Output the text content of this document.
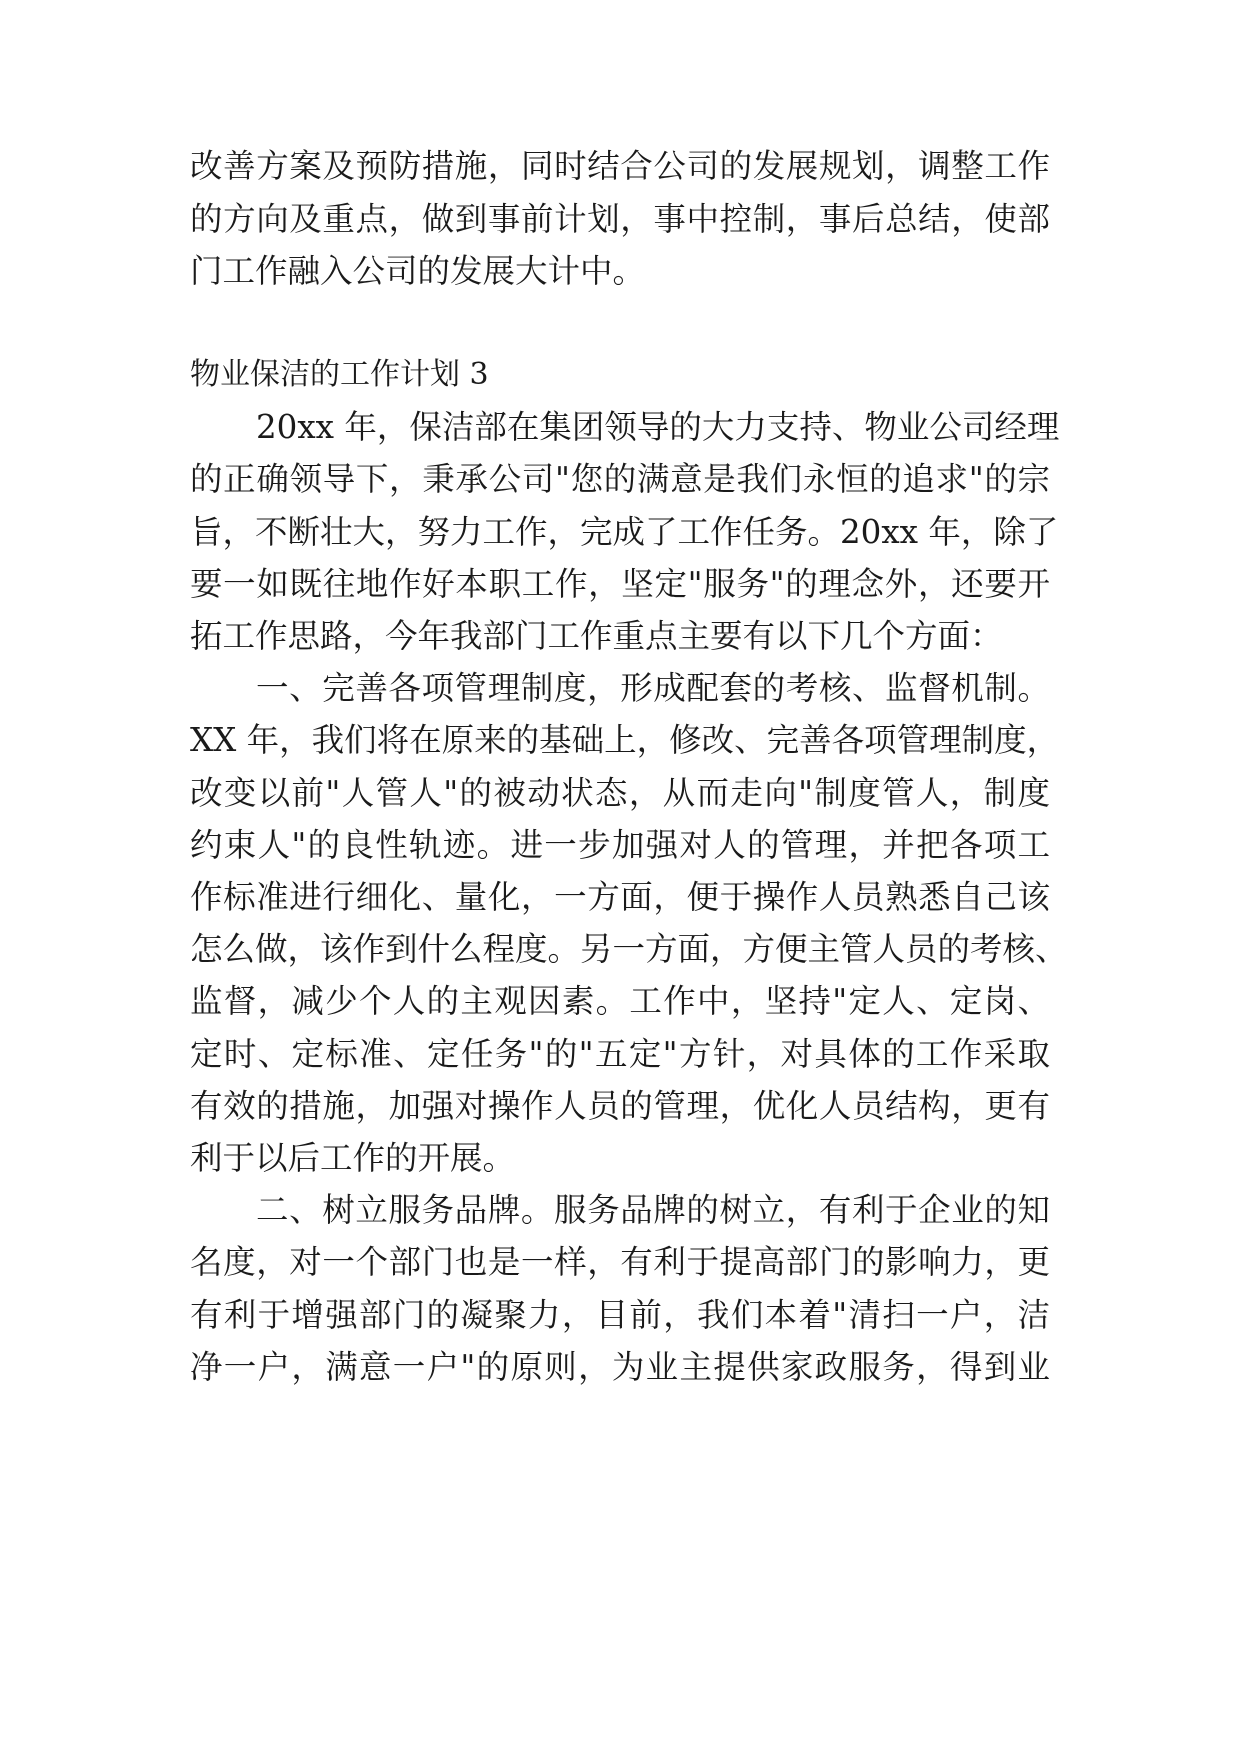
改善方案及预防措施，同时结合公司的发展规划，调整工作
的方向及重点，做到事前计划，事中控制，事后总结，使部
门工作融入公司的发展大计中。
物业保洁的工作计划 3
20xx 年，保洁部在集团领导的大力支持、物业公司经理
的正确领导下，秉承公司"您的满意是我们永恒的追求"的宗
旨，不断壮大，努力工作，完成了工作任务。20xx 年，除了
要一如既往地作好本职工作，坚定"服务"的理念外，还要开
拓工作思路，今年我部门工作重点主要有以下几个方面：
一、完善各项管理制度，形成配套的考核、监督机制。
XX 年，我们将在原来的基础上，修改、完善各项管理制度，
改变以前"人管人"的被动状态，从而走向"制度管人，制度
约束人"的良性轨迹。进一步加强对人的管理，并把各项工
作标准进行细化、量化，一方面，便于操作人员熟悉自己该
怎么做，该作到什么程度。另一方面，方便主管人员的考核、
监督，减少个人的主观因素。工作中，坚持"定人、定岗、
定时、定标准、定任务"的"五定"方针，对具体的工作采取
有效的措施，加强对操作人员的管理，优化人员结构，更有
利于以后工作的开展。
二、树立服务品牌。服务品牌的树立，有利于企业的知
名度，对一个部门也是一样，有利于提高部门的影响力，更
有利于增强部门的凝聚力，目前，我们本着"清扫一户，洁
净一户，满意一户"的原则，为业主提供家政服务，得到业
